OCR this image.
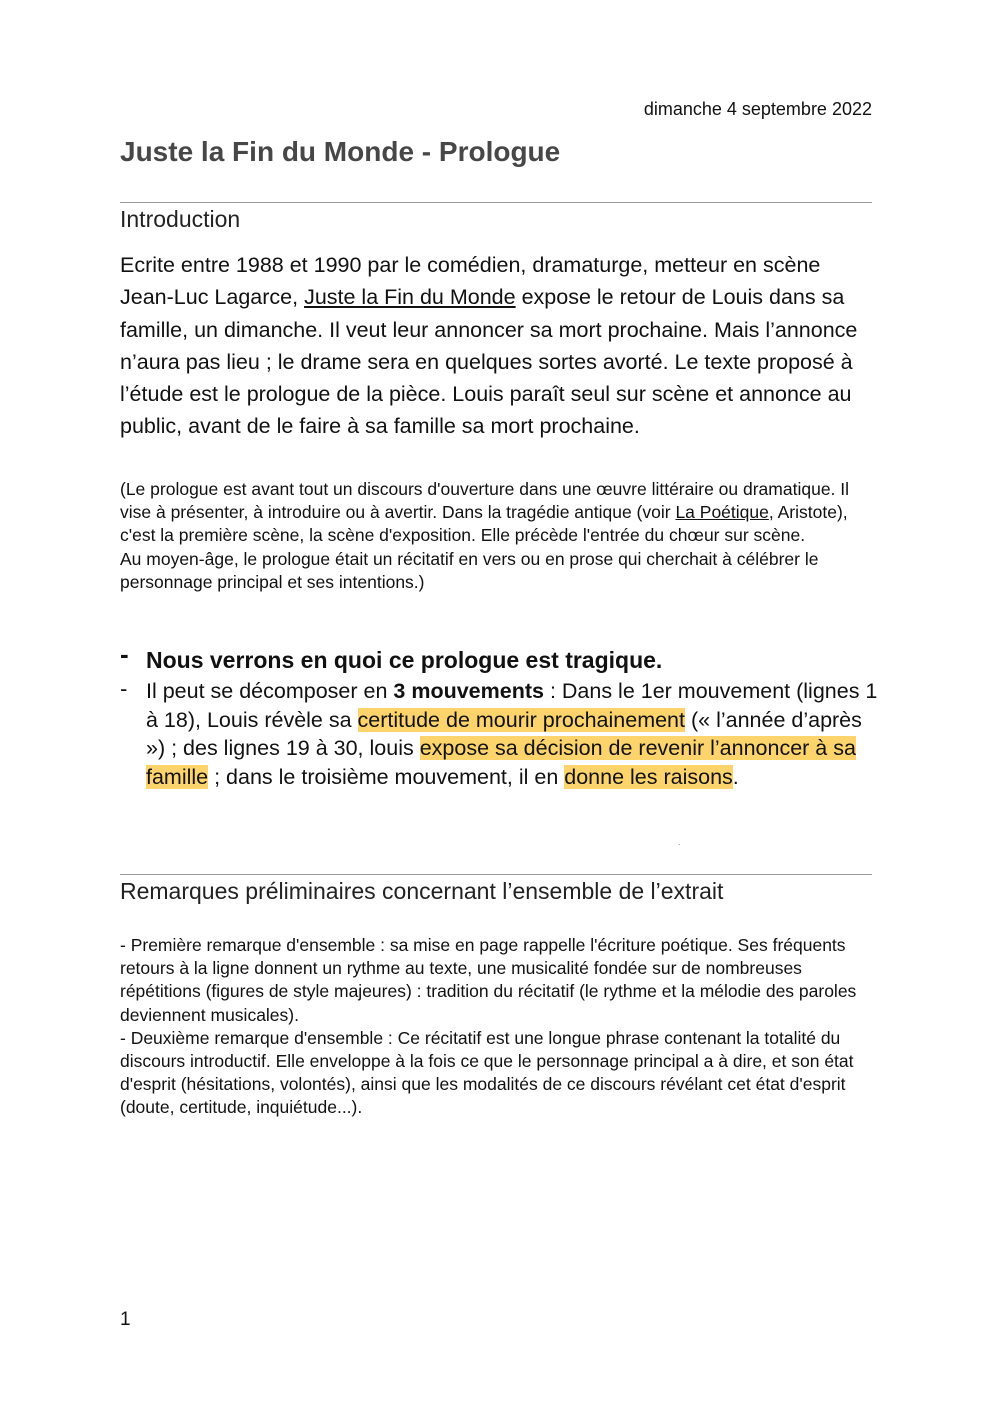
dimanche 4 septembre 2022
Juste la Fin du Monde - Prologue
Introduction

Ecrite entre 1988 et 1990 par le comédien, dramaturge, metteur en scène Jean-Luc Lagarce, Juste la Fin du Monde expose le retour de Louis dans sa famille, un dimanche. Il veut leur annoncer sa mort prochaine. Mais l’annonce n’aura pas lieu ; le drame sera en quelques sortes avorté. Le texte proposé à l’étude est le prologue de la pièce. Louis paraît seul sur scène et annonce au public, avant de le faire à sa famille sa mort prochaine.

(Le prologue est avant tout un discours d'ouverture dans une œuvre littéraire ou dramatique. Il vise à présenter, à introduire ou à avertir. Dans la tragédie antique (voir La Poétique, Aristote), c'est la première scène, la scène d'exposition. Elle précède l'entrée du chœur sur scène.
Au moyen-âge, le prologue était un récitatif en vers ou en prose qui cherchait à célébrer le personnage principal et ses intentions.)

- Nous verrons en quoi ce prologue est tragique.
- Il peut se décomposer en 3 mouvements : Dans le 1er mouvement (lignes 1 à 18), Louis révèle sa certitude de mourir prochainement (« l’année d’après ») ; des lignes 19 à 30, louis expose sa décision de revenir l’annoncer à sa famille ; dans le troisième mouvement, il en donne les raisons.
.
Remarques préliminaires concernant l’ensemble de l’extrait

- Première remarque d'ensemble : sa mise en page rappelle l'écriture poétique. Ses fréquents retours à la ligne donnent un rythme au texte, une musicalité fondée sur de nombreuses répétitions (figures de style majeures) : tradition du récitatif (le rythme et la mélodie des paroles deviennent musicales).
- Deuxième remarque d'ensemble : Ce récitatif est une longue phrase contenant la totalité du discours introductif. Elle enveloppe à la fois ce que le personnage principal a à dire, et son état d'esprit (hésitations, volontés), ainsi que les modalités de ce discours révélant cet état d'esprit (doute, certitude, inquiétude...).

1
